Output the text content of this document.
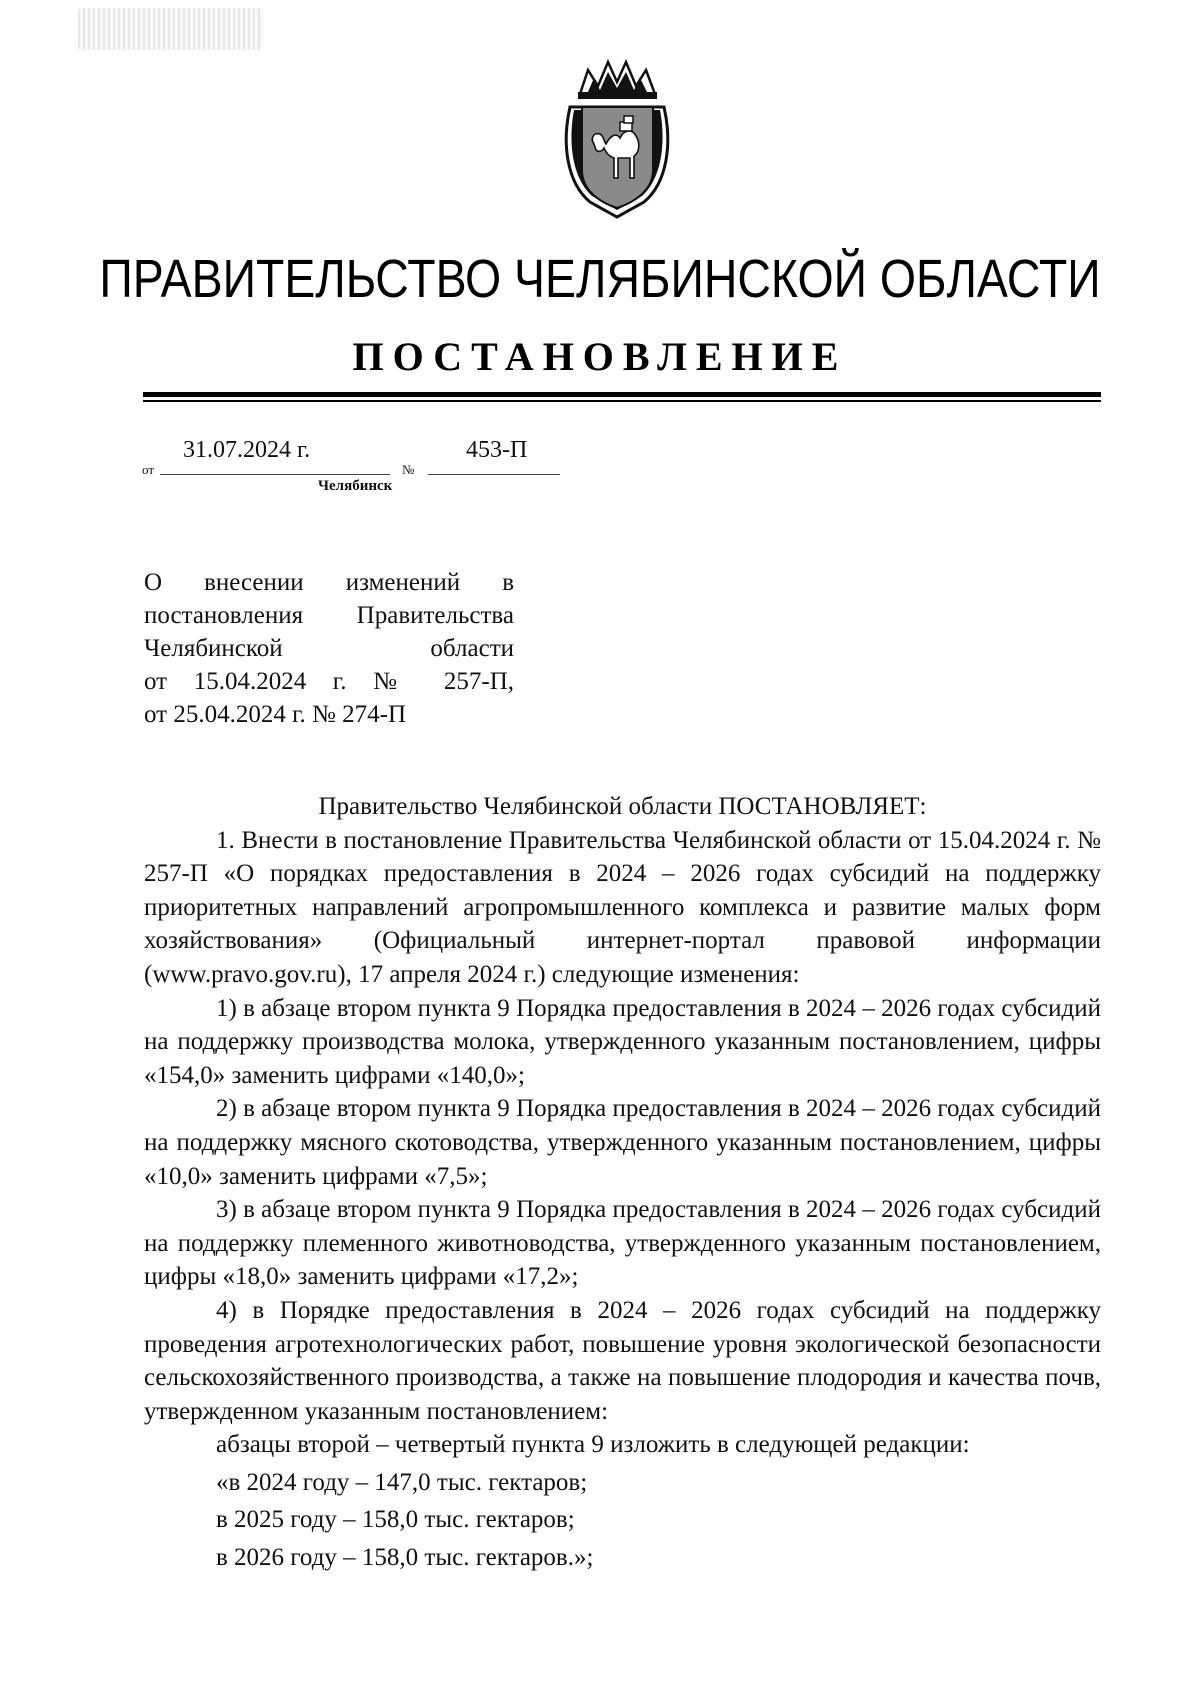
ПРАВИТЕЛЬСТВО ЧЕЛЯБИНСКОЙ ОБЛАСТИ
ПОСТАНОВЛЕНИЕ
от
31.07.2024 г.
№
453-П
Челябинск
О внесении изменений в
постановления Правительства
Челябинской области
от 15.04.2024 г. № 257-П,
от 25.04.2024 г. № 274-П

Правительство Челябинской области ПОСТАНОВЛЯЕТ:

1. Внести в постановление Правительства Челябинской области от 15.04.2024 г. № 257-П «О порядках предоставления в 2024 – 2026 годах субсидий на поддержку приоритетных направлений агропромышленного комплекса и развитие малых форм хозяйствования» (Официальный интернет-портал правовой информации (www.pravo.gov.ru), 17 апреля 2024 г.) следующие изменения:

1) в абзаце втором пункта 9 Порядка предоставления в 2024 – 2026 годах субсидий на поддержку производства молока, утвержденного указанным постановлением, цифры «154,0» заменить цифрами «140,0»;

2) в абзаце втором пункта 9 Порядка предоставления в 2024 – 2026 годах субсидий на поддержку мясного скотоводства, утвержденного указанным постановлением, цифры «10,0» заменить цифрами «7,5»;

3) в абзаце втором пункта 9 Порядка предоставления в 2024 – 2026 годах субсидий на поддержку племенного животноводства, утвержденного указанным постановлением, цифры «18,0» заменить цифрами «17,2»;

4) в Порядке предоставления в 2024 – 2026 годах субсидий на поддержку проведения агротехнологических работ, повышение уровня экологической безопасности сельскохозяйственного производства, а также на повышение плодородия и качества почв, утвержденном указанным постановлением:

абзацы второй – четвертый пункта 9 изложить в следующей редакции:

«в 2024 году – 147,0 тыс. гектаров;

в 2025 году – 158,0 тыс. гектаров;

в 2026 году – 158,0 тыс. гектаров.»;
